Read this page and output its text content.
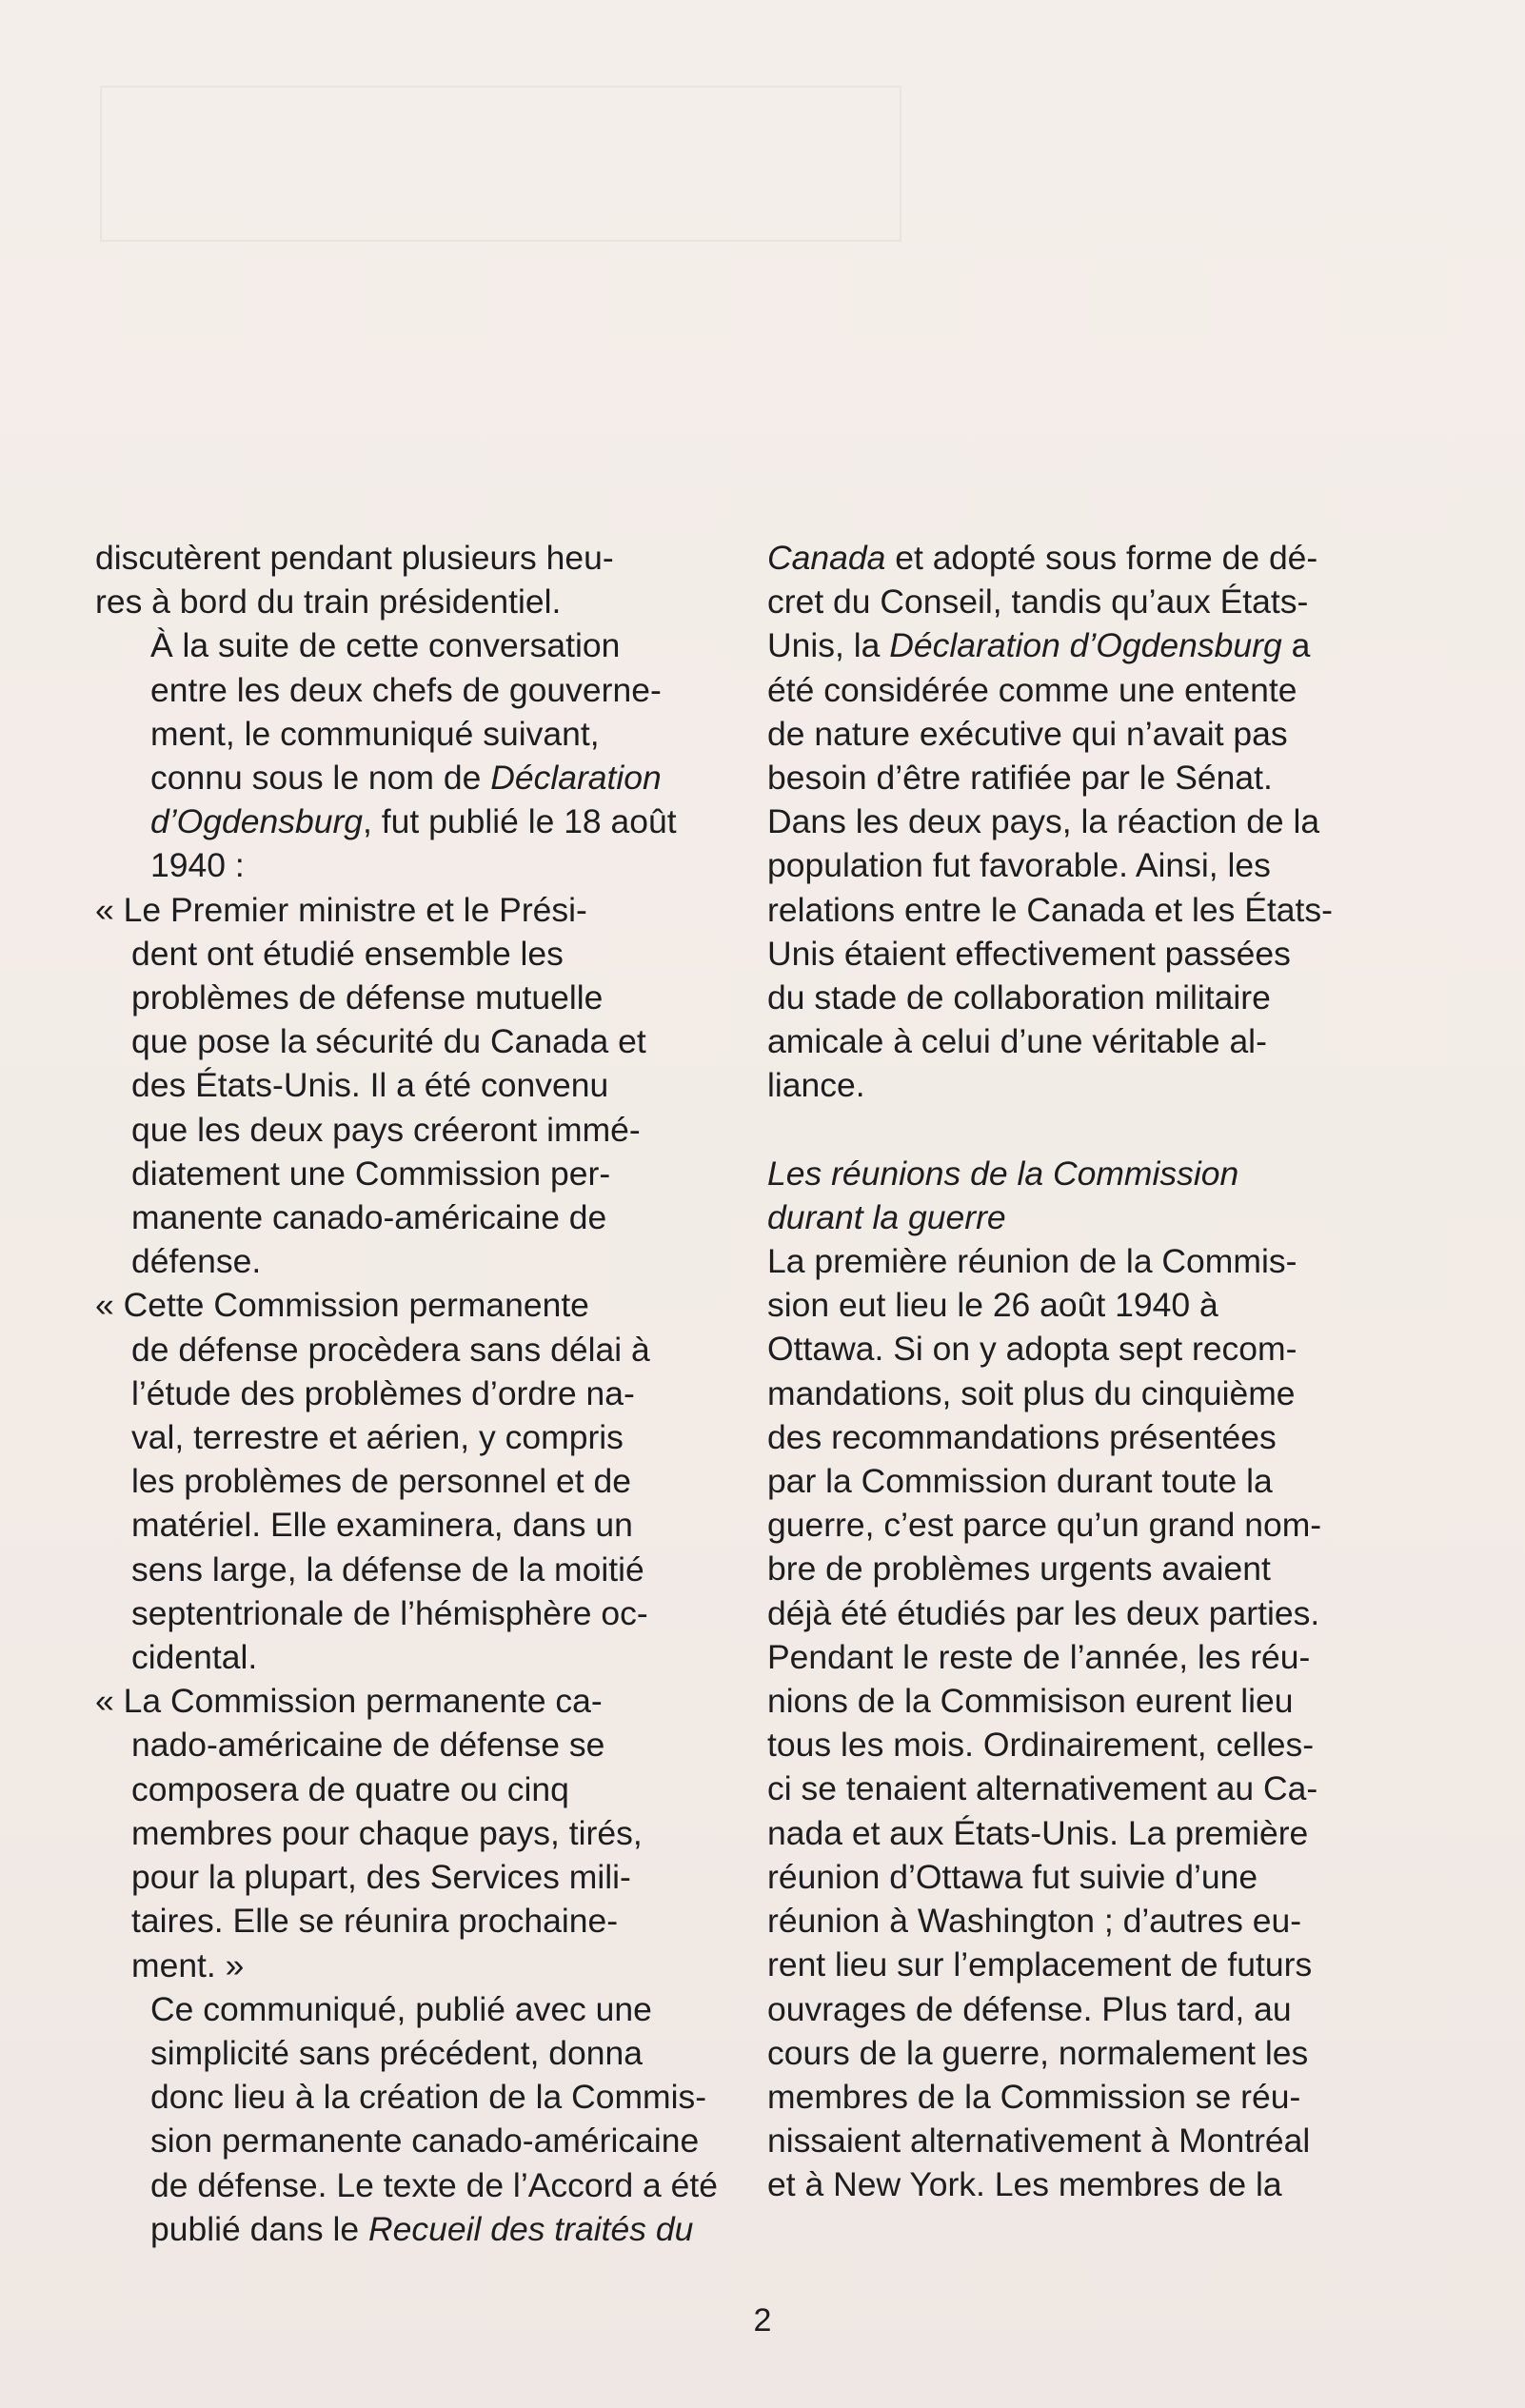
discutèrent pendant plusieurs heu-
res à bord du train présidentiel.
À la suite de cette conversation
entre les deux chefs de gouverne-
ment, le communiqué suivant,
connu sous le nom de Déclaration
d’Ogdensburg, fut publié le 18 août
1940 :
« Le Premier ministre et le Prési-
dent ont étudié ensemble les
problèmes de défense mutuelle
que pose la sécurité du Canada et
des États-Unis. Il a été convenu
que les deux pays créeront immé-
diatement une Commission per-
manente canado-américaine de
défense.
« Cette Commission permanente
de défense procèdera sans délai à
l’étude des problèmes d’ordre na-
val, terrestre et aérien, y compris
les problèmes de personnel et de
matériel. Elle examinera, dans un
sens large, la défense de la moitié
septentrionale de l’hémisphère oc-
cidental.
« La Commission permanente ca-
nado-américaine de défense se
composera de quatre ou cinq
membres pour chaque pays, tirés,
pour la plupart, des Services mili-
taires. Elle se réunira prochaine-
ment. »
Ce communiqué, publié avec une
simplicité sans précédent, donna
donc lieu à la création de la Commis-
sion permanente canado-américaine
de défense. Le texte de l’Accord a été
publié dans le Recueil des traités du
Canada et adopté sous forme de dé-
cret du Conseil, tandis qu’aux États-
Unis, la Déclaration d’Ogdensburg a
été considérée comme une entente
de nature exécutive qui n’avait pas
besoin d’être ratifiée par le Sénat.
Dans les deux pays, la réaction de la
population fut favorable. Ainsi, les
relations entre le Canada et les États-
Unis étaient effectivement passées
du stade de collaboration militaire
amicale à celui d’une véritable al-
liance.
Les réunions de la Commission
durant la guerre
La première réunion de la Commis-
sion eut lieu le 26 août 1940 à
Ottawa. Si on y adopta sept recom-
mandations, soit plus du cinquième
des recommandations présentées
par la Commission durant toute la
guerre, c’est parce qu’un grand nom-
bre de problèmes urgents avaient
déjà été étudiés par les deux parties.
Pendant le reste de l’année, les réu-
nions de la Commisison eurent lieu
tous les mois. Ordinairement, celles-
ci se tenaient alternativement au Ca-
nada et aux États-Unis. La première
réunion d’Ottawa fut suivie d’une
réunion à Washington ; d’autres eu-
rent lieu sur l’emplacement de futurs
ouvrages de défense. Plus tard, au
cours de la guerre, normalement les
membres de la Commission se réu-
nissaient alternativement à Montréal
et à New York. Les membres de la
2
